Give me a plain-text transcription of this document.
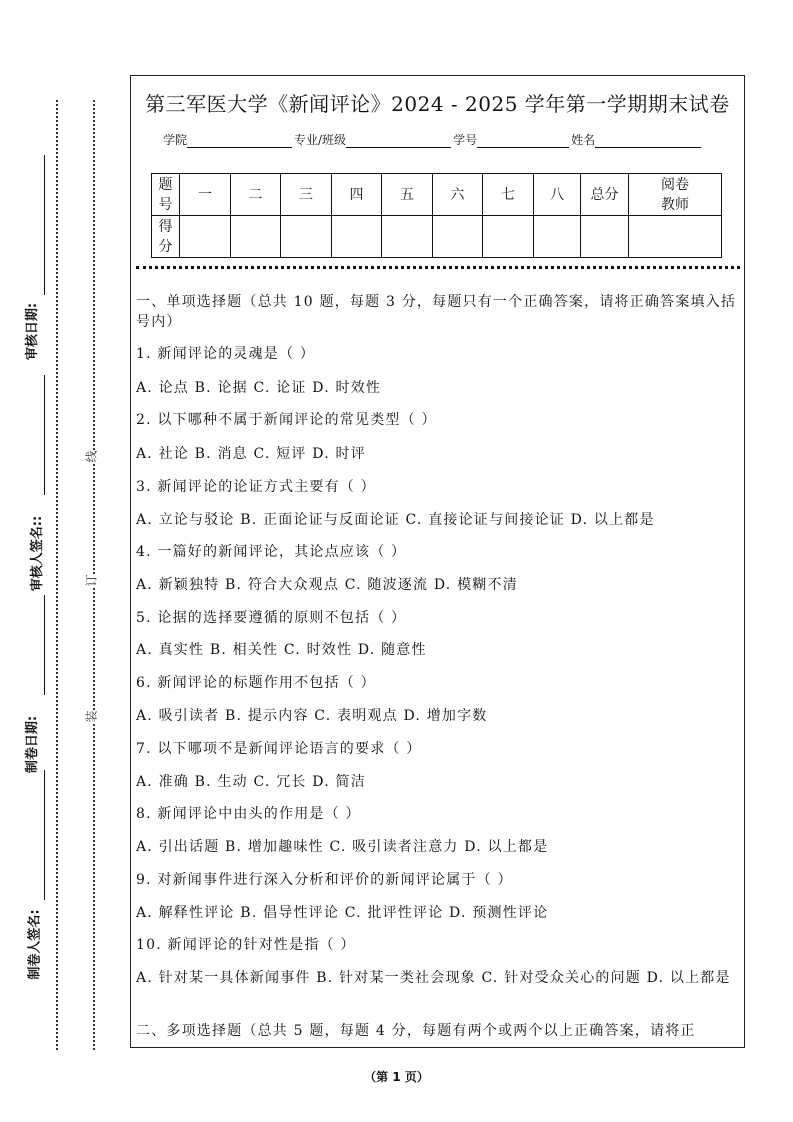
审核日期:
审核人签名::
制卷日期:
制卷人签名:
线
订
装
第三军医大学《新闻评论》2024 - 2025 学年第一学期期末试卷
学院	专业/班级	学号	姓名
题号	一	二	三	四	五	六	七	八	总分	阅卷教师
得分										
一、单项选择题（总共 10 题，每题 3 分，每题只有一个正确答案，请将正确答案填入括号内）
1. 新闻评论的灵魂是（ ）
A. 论点 B. 论据 C. 论证 D. 时效性
2. 以下哪种不属于新闻评论的常见类型（ ）
A. 社论 B. 消息 C. 短评 D. 时评
3. 新闻评论的论证方式主要有（ ）
A. 立论与驳论 B. 正面论证与反面论证 C. 直接论证与间接论证 D. 以上都是
4. 一篇好的新闻评论，其论点应该（ ）
A. 新颖独特 B. 符合大众观点 C. 随波逐流 D. 模糊不清
5. 论据的选择要遵循的原则不包括（ ）
A. 真实性 B. 相关性 C. 时效性 D. 随意性
6. 新闻评论的标题作用不包括（ ）
A. 吸引读者 B. 提示内容 C. 表明观点 D. 增加字数
7. 以下哪项不是新闻评论语言的要求（ ）
A. 准确 B. 生动 C. 冗长 D. 简洁
8. 新闻评论中由头的作用是（ ）
A. 引出话题 B. 增加趣味性 C. 吸引读者注意力 D. 以上都是
9. 对新闻事件进行深入分析和评价的新闻评论属于（ ）
A. 解释性评论 B. 倡导性评论 C. 批评性评论 D. 预测性评论
10. 新闻评论的针对性是指（ ）
A. 针对某一具体新闻事件 B. 针对某一类社会现象 C. 针对受众关心的问题 D. 以上都是
二、多项选择题（总共 5 题，每题 4 分，每题有两个或两个以上正确答案，请将正
（第 1 页）
